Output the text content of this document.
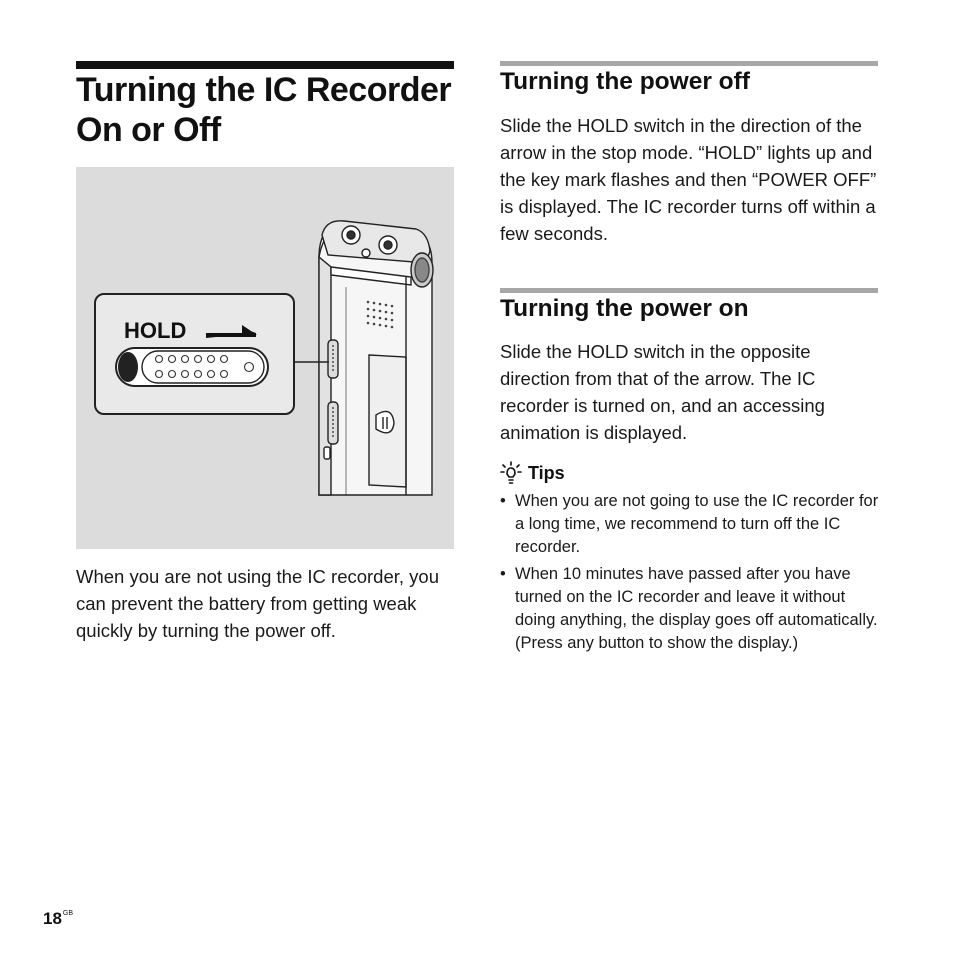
Turning the IC Recorder On or Off
HOLD

When you are not using the IC recorder, you can prevent the battery from getting weak quickly by turning the power off.

Turning the power off

Slide the HOLD switch in the direction of the arrow in the stop mode. “HOLD” lights up and the key mark flashes and then “POWER OFF” is displayed. The IC recorder turns off within a few seconds.

Turning the power on

Slide the HOLD switch in the opposite direction from that of the arrow. The IC recorder is turned on, and an accessing animation is displayed.

Tips
• When you are not going to use the IC recorder for a long time, we recommend to turn off the IC recorder.
• When 10 minutes have passed after you have turned on the IC recorder and leave it without doing anything, the display goes off automatically. (Press any button to show the display.)
$18^{GB}$
